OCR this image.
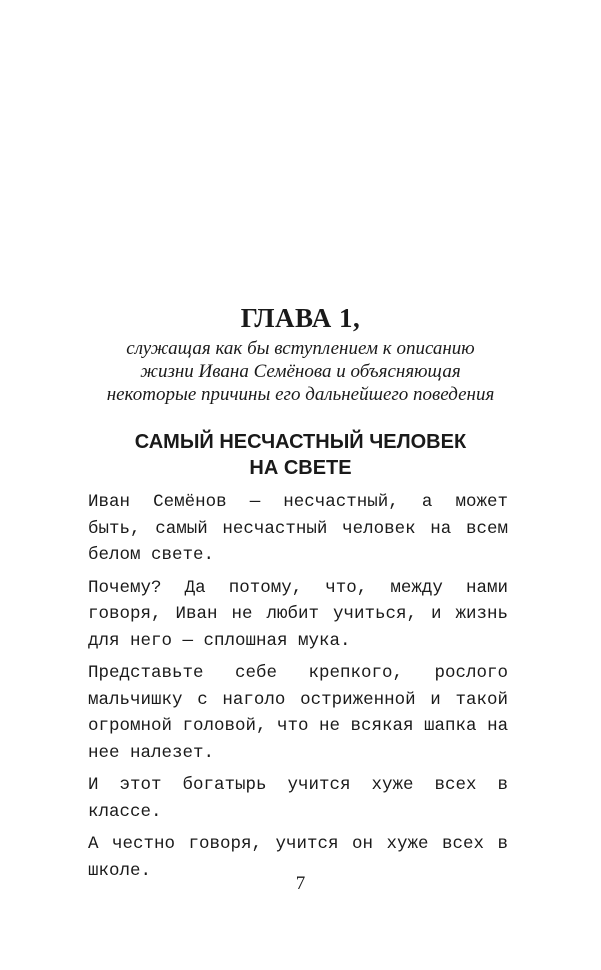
ГЛАВА 1,
служащая как бы вступлением к описанию
жизни Ивана Семёнова и объясняющая
некоторые причины его дальнейшего поведения
САМЫЙ НЕСЧАСТНЫЙ ЧЕЛОВЕК
НА СВЕТЕ
Иван Семёнов — несчастный, а может
быть, самый несчастный человек на всем
белом свете.
Почему? Да потому, что, между нами
говоря, Иван не любит учиться, и жизнь
для него — сплошная мука.
Представьте себе крепкого, рослого
мальчишку с наголо остриженной и такой
огромной головой, что не всякая шапка на
нее налезет.
И этот богатырь учится хуже всех в
классе.
А честно говоря, учится он хуже всех в
школе.
7
